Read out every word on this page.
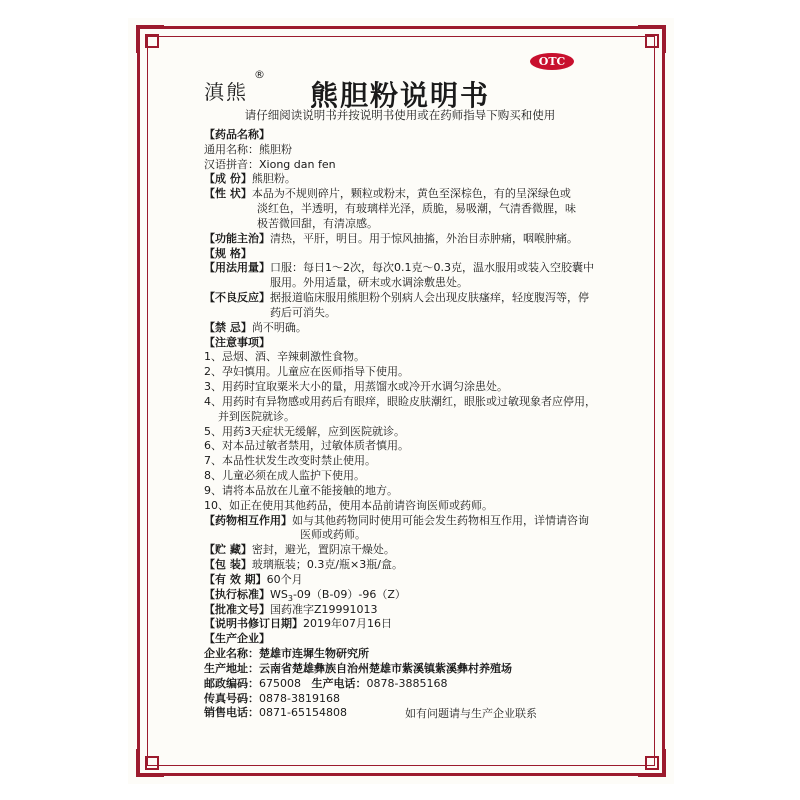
滇熊
®
熊胆粉说明书
OTC
请仔细阅读说明书并按说明书使用或在药师指导下购买和使用
【药品名称】
通用名称：熊胆粉
汉语拼音：Xiong dan fen
【成 份】熊胆粉。
【性 状】本品为不规则碎片，颗粒或粉末，黄色至深棕色，有的呈深绿色或
淡红色，半透明，有玻璃样光泽，质脆，易吸潮，气清香微腥，味
极苦微回甜，有清凉感。
【功能主治】清热，平肝，明目。用于惊风抽搐，外治目赤肿痛，咽喉肿痛。
【规 格】
【用法用量】口服：每日1～2次，每次0.1克～0.3克，温水服用或装入空胶囊中
服用。外用适量，研末或水调涂敷患处。
【不良反应】据报道临床服用熊胆粉个别病人会出现皮肤瘙痒，轻度腹泻等，停
药后可消失。
【禁 忌】尚不明确。
【注意事项】
1、忌烟、酒、辛辣刺激性食物。
2、孕妇慎用。儿童应在医师指导下使用。
3、用药时宜取粟米大小的量，用蒸馏水或冷开水调匀涂患处。
4、用药时有异物感或用药后有眼痒，眼睑皮肤潮红，眼胀或过敏现象者应停用，
并到医院就诊。
5、用药3天症状无缓解，应到医院就诊。
6、对本品过敏者禁用，过敏体质者慎用。
7、本品性状发生改变时禁止使用。
8、儿童必须在成人监护下使用。
9、请将本品放在儿童不能接触的地方。
10、如正在使用其他药品，使用本品前请咨询医师或药师。
【药物相互作用】如与其他药物同时使用可能会发生药物相互作用，详情请咨询
医师或药师。
【贮 藏】密封，避光，置阴凉干燥处。
【包 装】玻璃瓶装；0.3克/瓶×3瓶/盒。
【有 效 期】60个月
【执行标准】$WS_3-09(B-09)-96(Z)$
【批准文号】国药准字Z19991013
【说明书修订日期】2019年07月16日
【生产企业】
企业名称：楚雄市连墀生物研究所
生产地址：云南省楚雄彝族自治州楚雄市紫溪镇紫溪彝村养殖场
邮政编码：675008 生产电话：0878-3885168
传真号码：0878-3819168
销售电话：0871-65154808	如有问题请与生产企业联系
